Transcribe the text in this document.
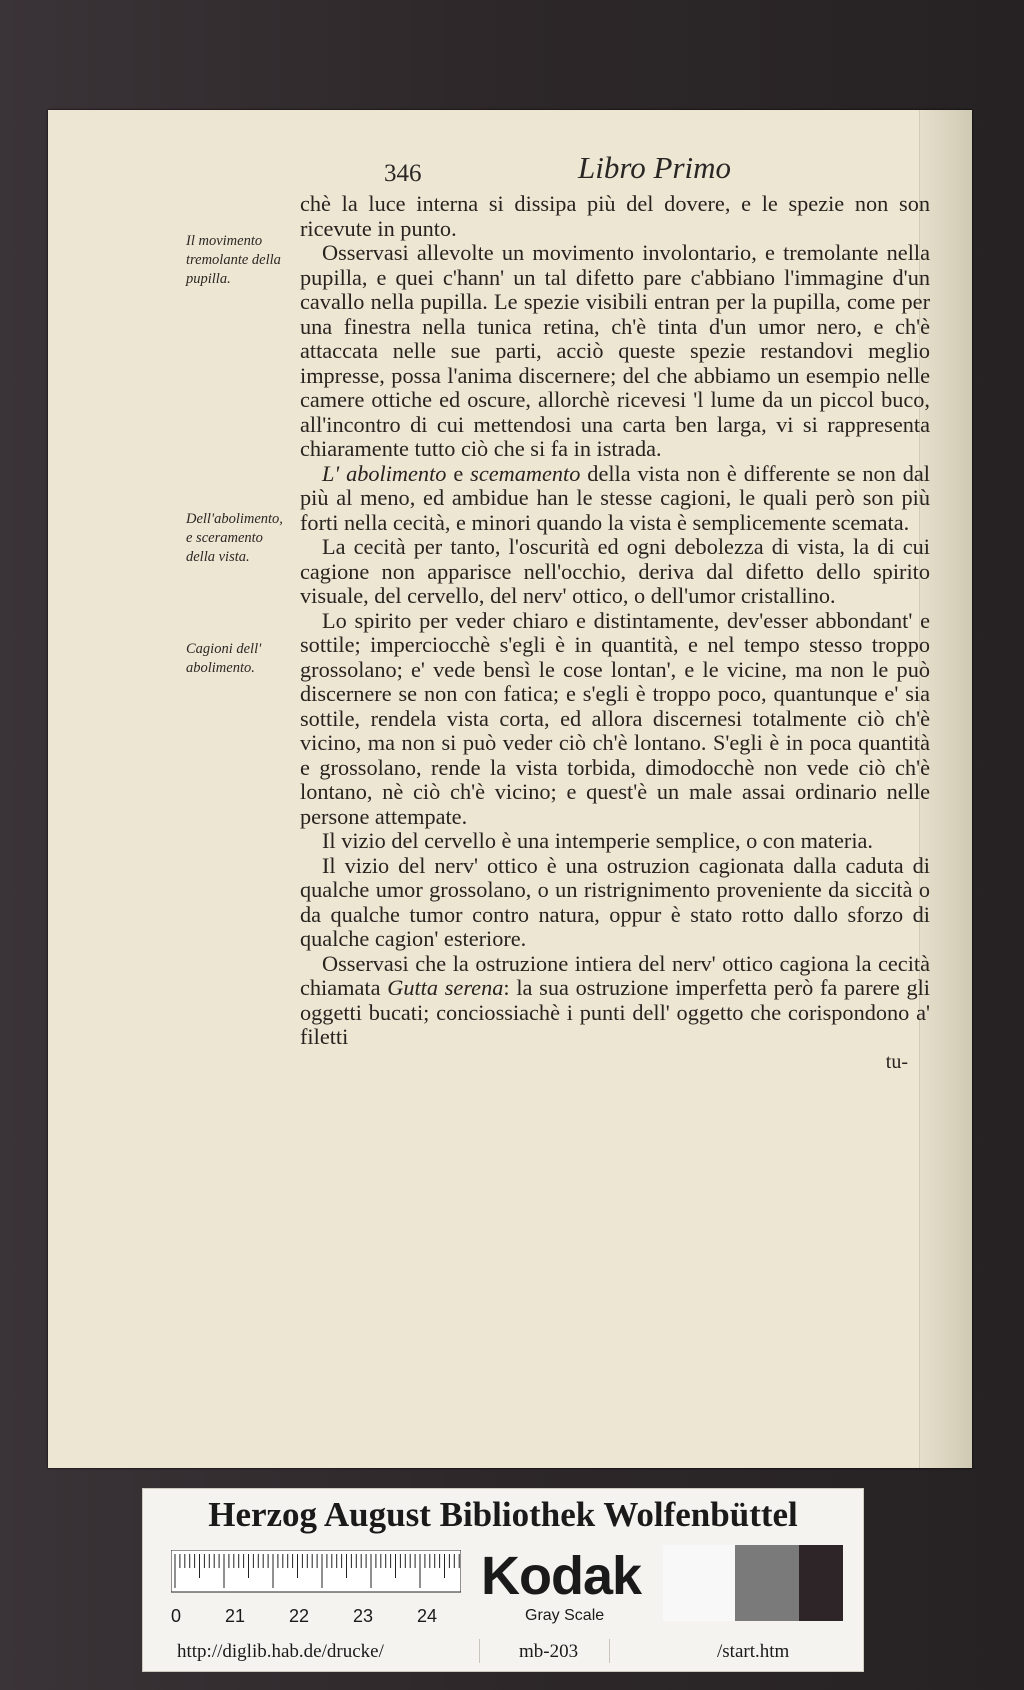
346	Libro Primo
Il movimento tremolante della pupilla.
Dell'abolimento, e sceramento della vista.
Cagioni dell' abolimento.

chè la luce interna si dissipa più del dovere, e le spezie non son ricevute in punto.

Osservasi allevolte un movimento involontario, e tremolante nella pupilla, e quei c'hann' un tal difetto pare c'abbiano l'immagine d'un cavallo nella pupilla. Le spezie visibili entran per la pupilla, come per una finestra nella tunica retina, ch'è tinta d'un umor nero, e ch'è attaccata nelle sue parti, acciò queste spezie restandovi meglio impresse, possa l'anima discernere; del che abbiamo un esempio nelle camere ottiche ed oscure, allorchè ricevesi 'l lume da un piccol buco, all'incontro di cui mettendosi una carta ben larga, vi si rappresenta chiaramente tutto ciò che si fa in istrada.

L' abolimento e scemamento della vista non è differente se non dal più al meno, ed ambidue han le stesse cagioni, le quali però son più forti nella cecità, e minori quando la vista è semplicemente scemata.

La cecità per tanto, l'oscurità ed ogni debolezza di vista, la di cui cagione non apparisce nell'occhio, deriva dal difetto dello spirito visuale, del cervello, del nerv' ottico, o dell'umor cristallino.

Lo spirito per veder chiaro e distintamente, dev'esser abbondant' e sottile; imperciocchè s'egli è in quantità, e nel tempo stesso troppo grossolano; e' vede bensì le cose lontan', e le vicine, ma non le può discernere se non con fatica; e s'egli è troppo poco, quantunque e' sia sottile, rendela vista corta, ed allora discernesi totalmente ciò ch'è vicino, ma non si può veder ciò ch'è lontano. S'egli è in poca quantità e grossolano, rende la vista torbida, dimodocchè non vede ciò ch'è lontano, nè ciò ch'è vicino; e quest'è un male assai ordinario nelle persone attempate.

Il vizio del cervello è una intemperie semplice, o con materia.

Il vizio del nerv' ottico è una ostruzion cagionata dalla caduta di qualche umor grossolano, o un ristrignimento proveniente da siccità o da qualche tumor contro natura, oppur è stato rotto dallo sforzo di qualche cagion' esteriore.

Osservasi che la ostruzione intiera del nerv' ottico cagiona la cecità chiamata Gutta serena: la sua ostruzione imperfetta però fa parere gli oggetti bucati; conciossiachè i punti dell' oggetto che corispondono a' filetti

tu-
Herzog August Bibliothek Wolfenbüttel
0 21 22 23 24
Kodak
Gray Scale
http://diglib.hab.de/drucke/	mb-203	/start.htm
